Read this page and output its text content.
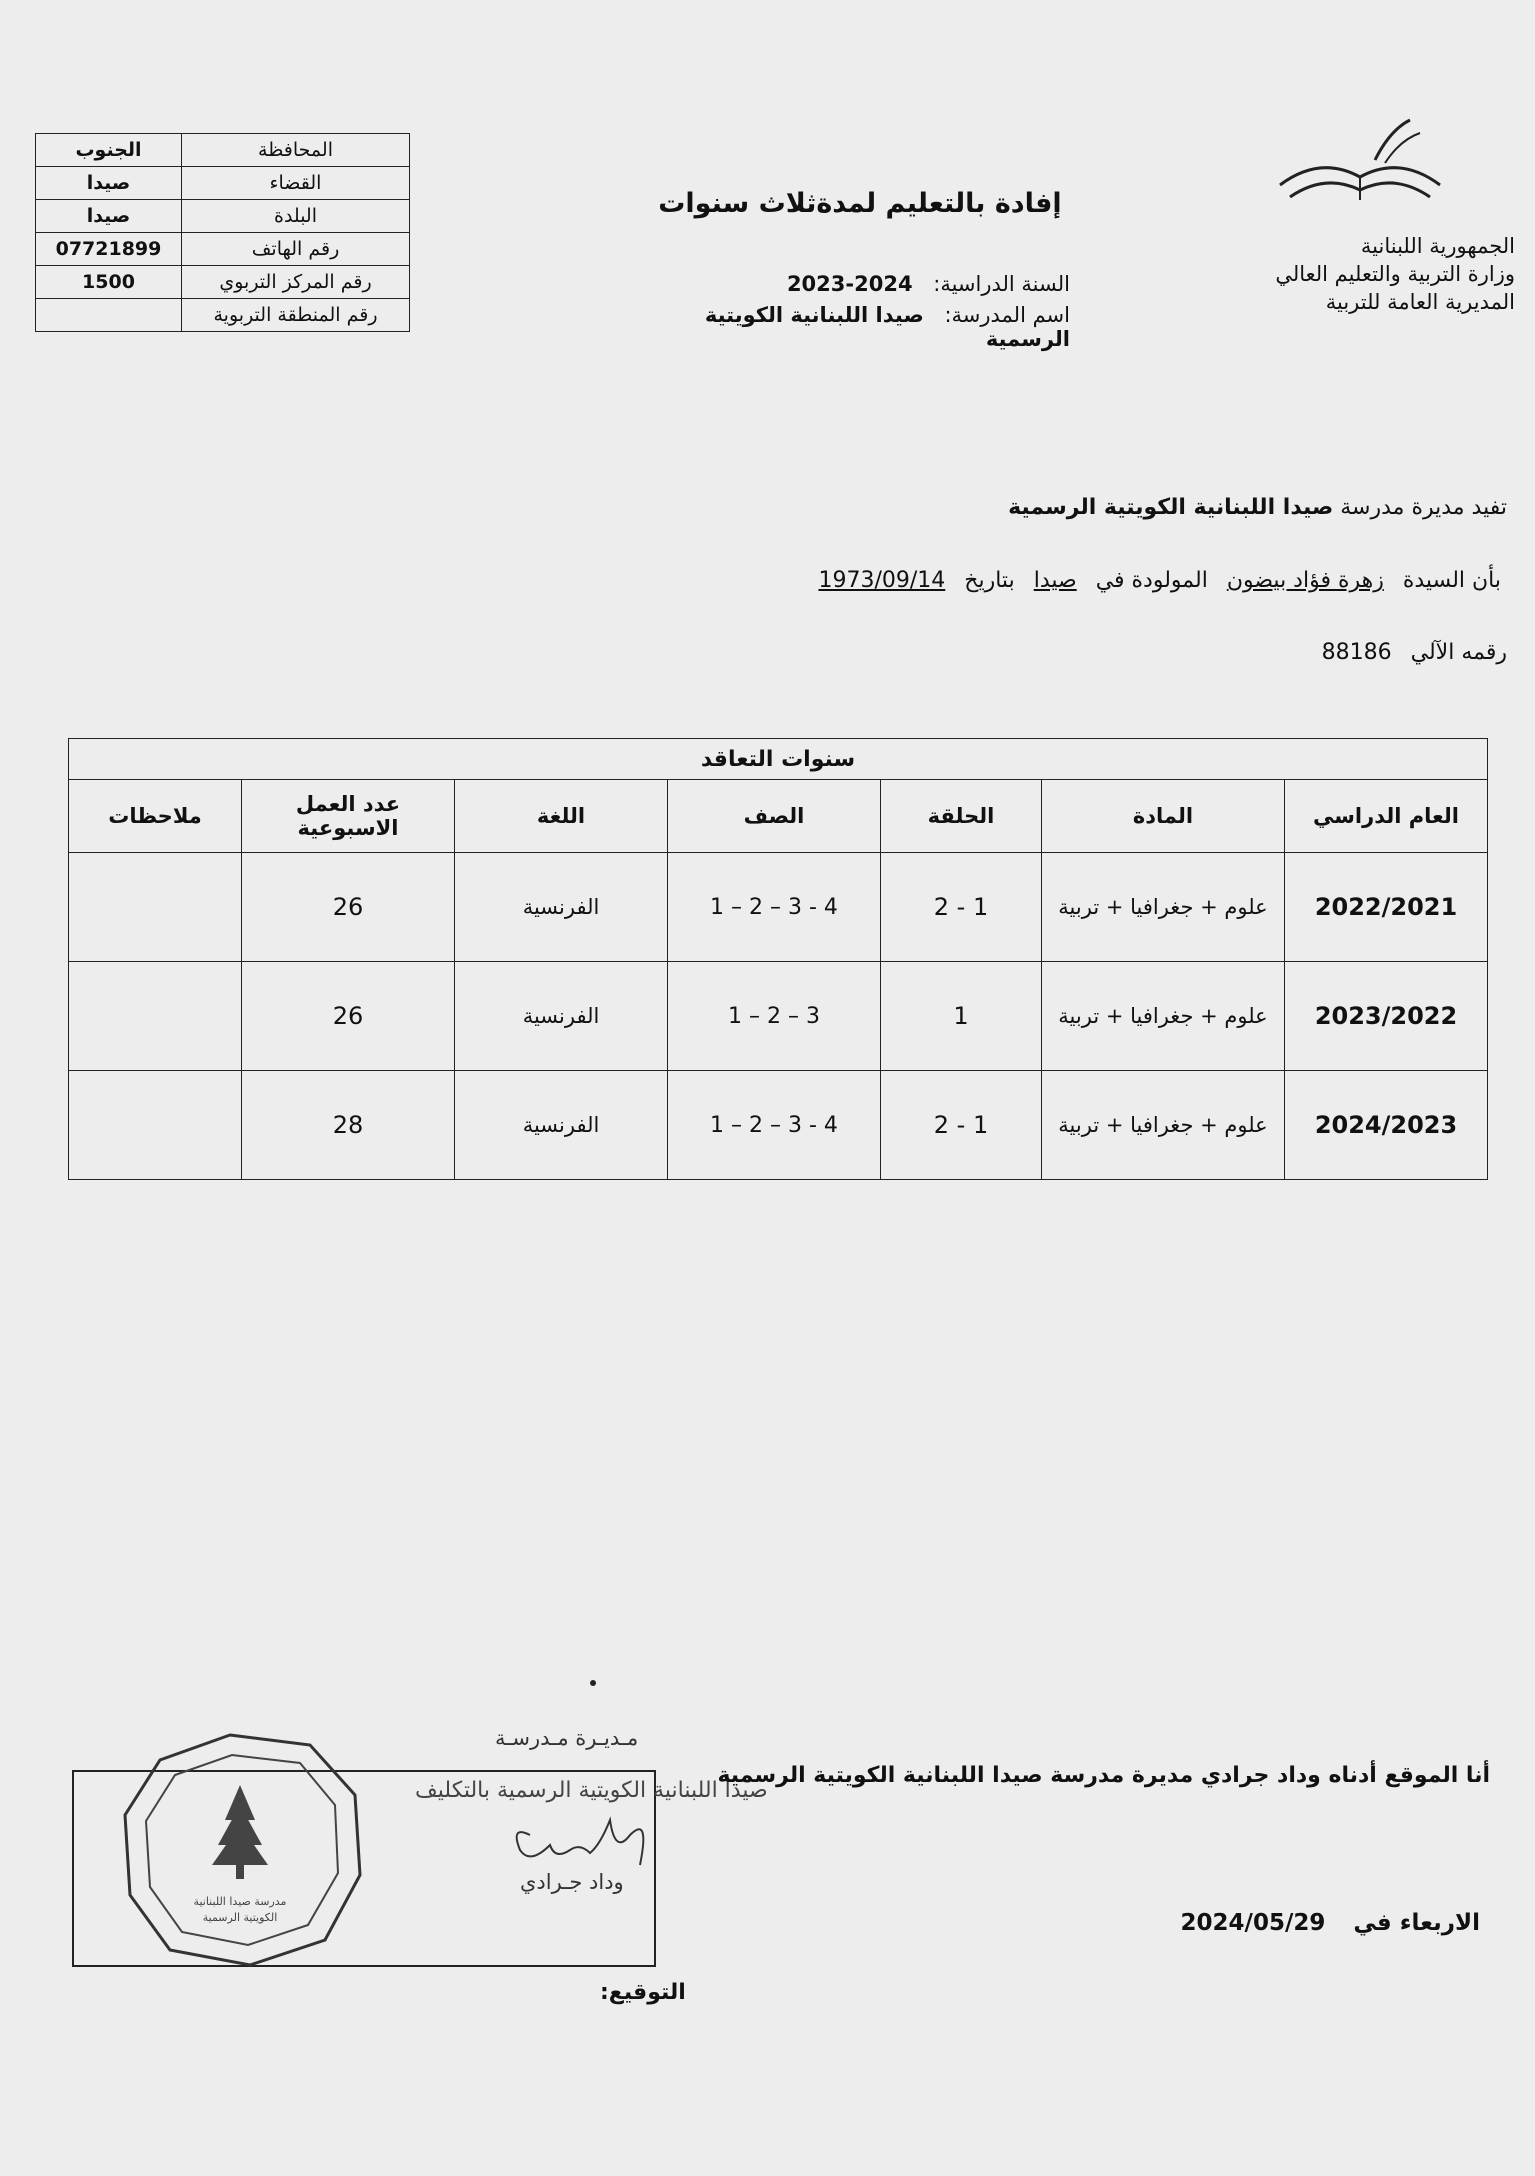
الجنوب	المحافظة
صيدا	القضاء
صيدا	البلدة
07721899	رقم الهاتف
1500	رقم المركز التربوي
	رقم المنطقة التربوية
إفادة بالتعليم لمدةثلاث سنوات
الجمهورية اللبنانية
وزارة التربية والتعليم العالي
المديرية العامة للتربية
السنة الدراسية: 2024-2023
اسم المدرسة: صيدا اللبنانية الكويتية الرسمية
تفيد مديرة مدرسة صيدا اللبنانية الكويتية الرسمية
بأن السيدة زهرة فؤاد بيضون المولودة في صيدا بتاريخ 1973/09/14
رقمه الآلي 88186
سنوات التعاقد						
العام الدراسي	المادة	الحلقة	الصف	اللغة	عدد العمل الاسبوعية	ملاحظات
2022/2021	علوم + جغرافيا + تربية	1 - 2	1 – 2 – 3 - 4	الفرنسية	26	
2023/2022	علوم + جغرافيا + تربية	1	1 – 2 – 3	الفرنسية	26	
2024/2023	علوم + جغرافيا + تربية	1 - 2	1 – 2 – 3 - 4	الفرنسية	28	
مدرسة صيدا اللبنانية
الكويتية الرسمية
مـديـرة مـدرسـة
صيدا اللبنانية الكويتية الرسمية بالتكليف
وداد جـرادي
أنا الموقع أدناه وداد جرادي مديرة مدرسة صيدا اللبنانية الكويتية الرسمية
الاربعاء في 2024/05/29
التوقيع:
